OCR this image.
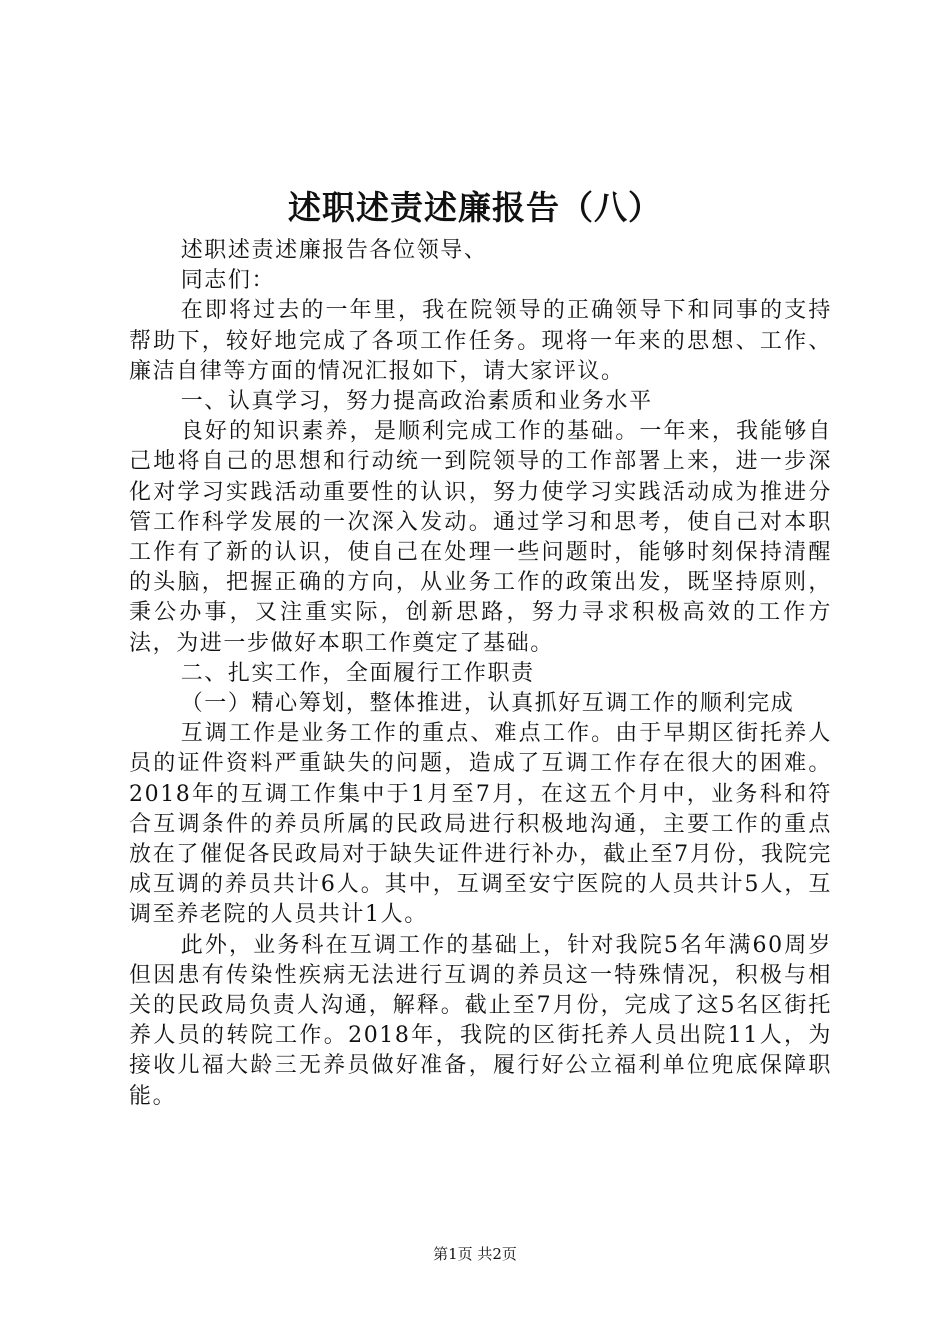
述职述责述廉报告（八）

述职述责述廉报告各位领导、

同志们：

在即将过去的一年里，我在院领导的正确领导下和同事的支持帮助下，较好地完成了各项工作任务。现将一年来的思想、工作、廉洁自律等方面的情况汇报如下，请大家评议。

一、认真学习，努力提高政治素质和业务水平

良好的知识素养，是顺利完成工作的基础。一年来，我能够自己地将自己的思想和行动统一到院领导的工作部署上来，进一步深化对学习实践活动重要性的认识，努力使学习实践活动成为推进分管工作科学发展的一次深入发动。通过学习和思考，使自己对本职工作有了新的认识，使自己在处理一些问题时，能够时刻保持清醒的头脑，把握正确的方向，从业务工作的政策出发，既坚持原则，秉公办事，又注重实际，创新思路，努力寻求积极高效的工作方法，为进一步做好本职工作奠定了基础。

二、扎实工作，全面履行工作职责

（一）精心筹划，整体推进，认真抓好互调工作的顺利完成

互调工作是业务工作的重点、难点工作。由于早期区街托养人员的证件资料严重缺失的问题，造成了互调工作存在很大的困难。2018年的互调工作集中于1月至7月，在这五个月中，业务科和符合互调条件的养员所属的民政局进行积极地沟通，主要工作的重点放在了催促各民政局对于缺失证件进行补办，截止至7月份，我院完成互调的养员共计6人。其中，互调至安宁医院的人员共计5人，互调至养老院的人员共计1人。

此外，业务科在互调工作的基础上，针对我院5名年满60周岁但因患有传染性疾病无法进行互调的养员这一特殊情况，积极与相关的民政局负责人沟通，解释。截止至7月份，完成了这5名区街托养人员的转院工作。2018年，我院的区街托养人员出院11人，为接收儿福大龄三无养员做好准备，履行好公立福利单位兜底保障职能。

第1页 共2页
